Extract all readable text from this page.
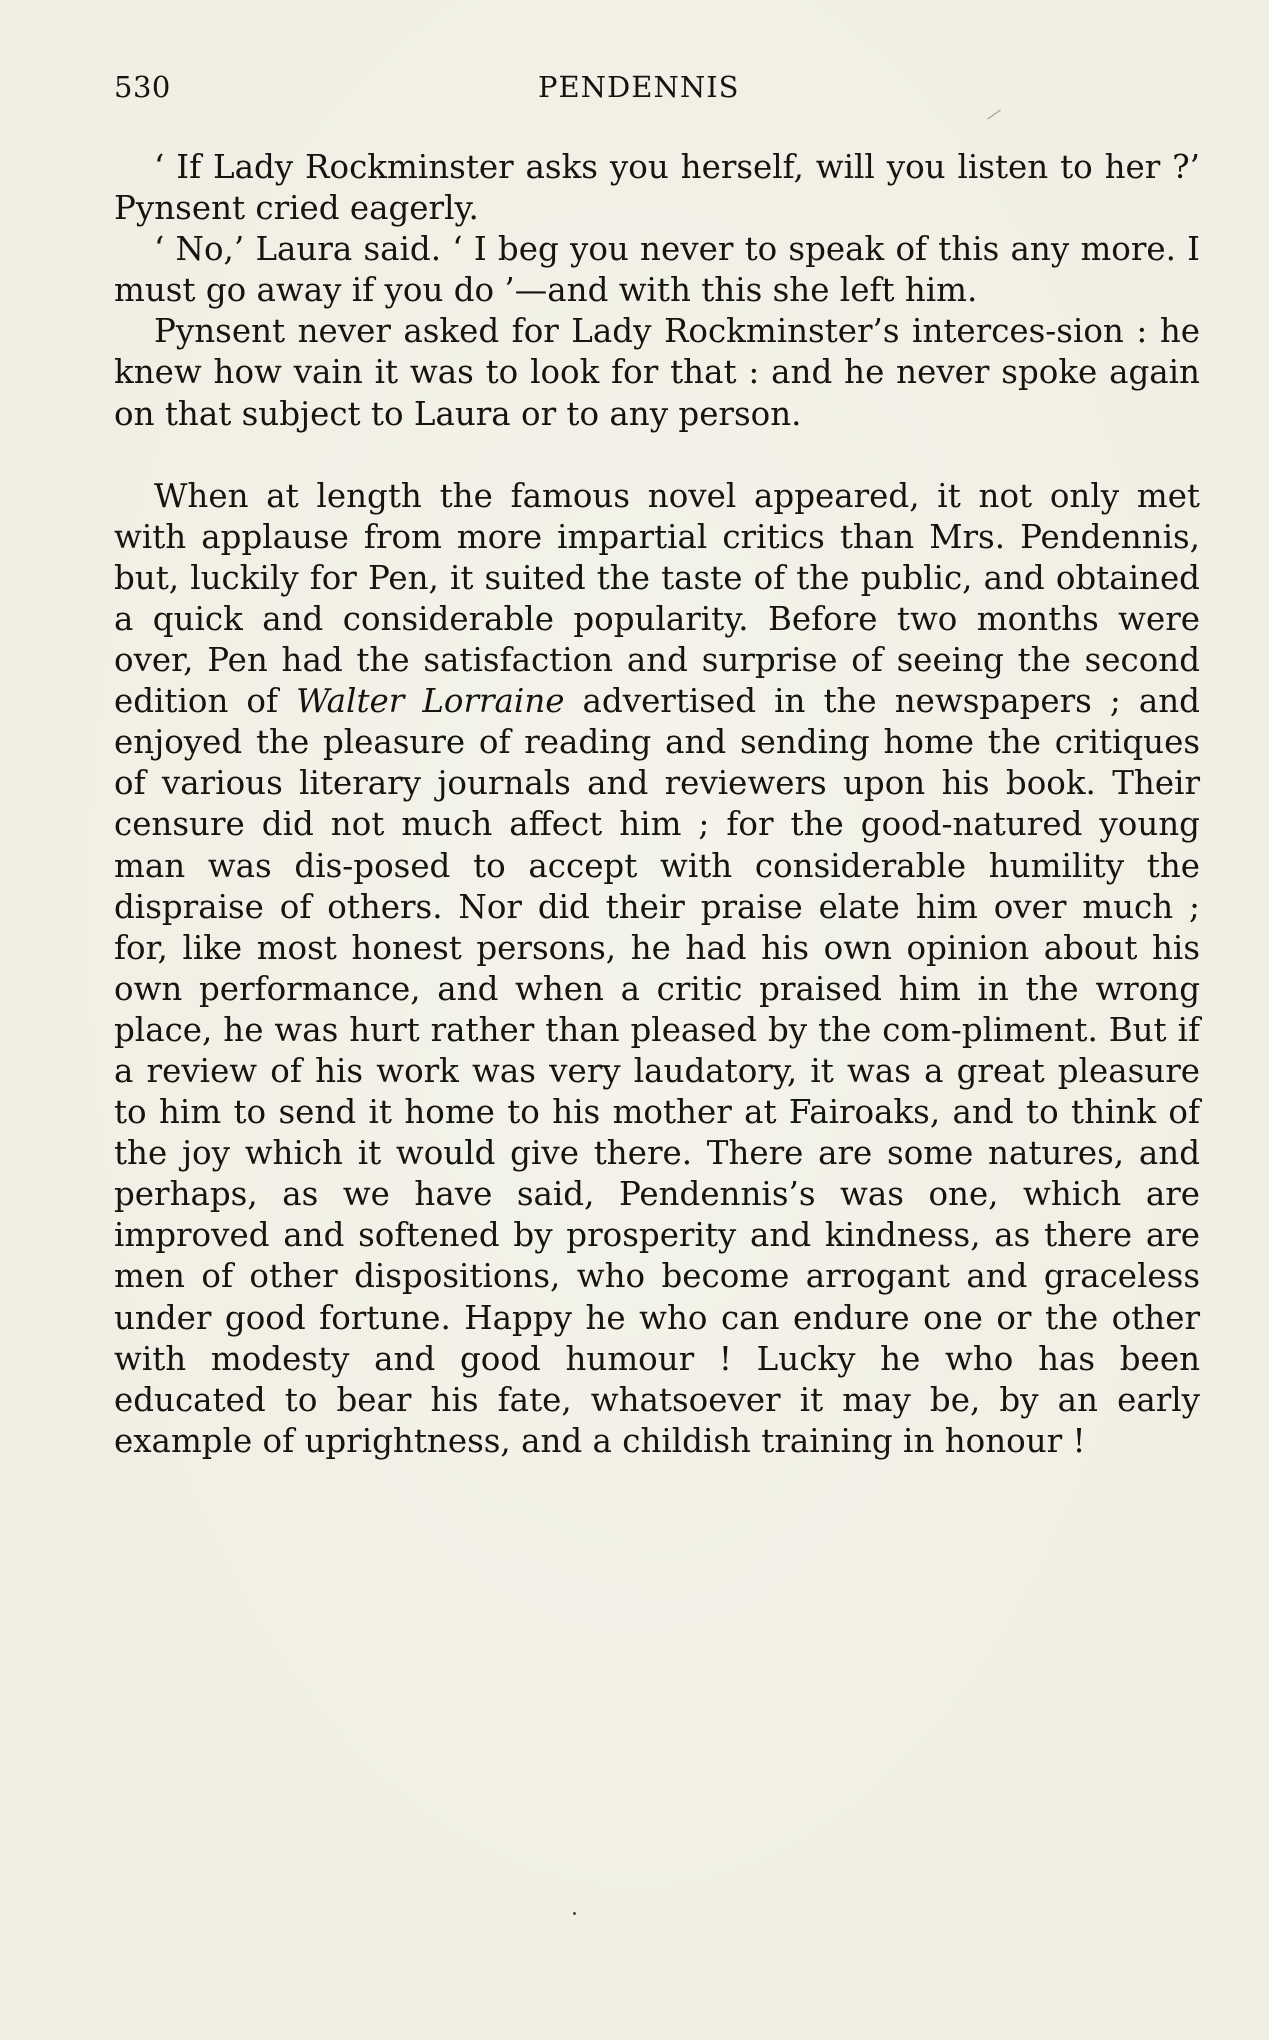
530	PENDENNIS

‘ If Lady Rockminster asks you herself, will you listen to her ?’ Pynsent cried eagerly.

‘ No,’ Laura said. ‘ I beg you never to speak of this any more. I must go away if you do ’—and with this she left him.

Pynsent never asked for Lady Rockminster’s interces-sion : he knew how vain it was to look for that : and he never spoke again on that subject to Laura or to any person.

When at length the famous novel appeared, it not only met with applause from more impartial critics than Mrs. Pendennis, but, luckily for Pen, it suited the taste of the public, and obtained a quick and considerable popularity. Before two months were over, Pen had the satisfaction and surprise of seeing the second edition of Walter Lorraine advertised in the newspapers ; and enjoyed the pleasure of reading and sending home the critiques of various literary journals and reviewers upon his book. Their censure did not much affect him ; for the good-natured young man was dis-posed to accept with considerable humility the dispraise of others. Nor did their praise elate him over much ; for, like most honest persons, he had his own opinion about his own performance, and when a critic praised him in the wrong place, he was hurt rather than pleased by the com-pliment. But if a review of his work was very laudatory, it was a great pleasure to him to send it home to his mother at Fairoaks, and to think of the joy which it would give there. There are some natures, and perhaps, as we have said, Pendennis’s was one, which are improved and softened by prosperity and kindness, as there are men of other dispositions, who become arrogant and graceless under good fortune. Happy he who can endure one or the other with modesty and good humour ! Lucky he who has been educated to bear his fate, whatsoever it may be, by an early example of uprightness, and a childish training in honour !
